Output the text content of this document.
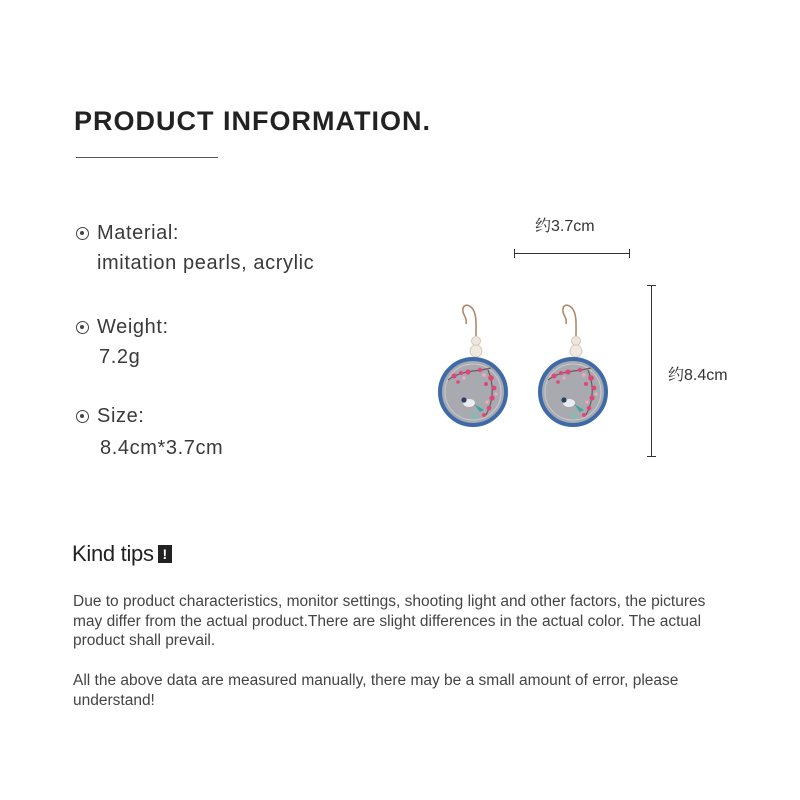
PRODUCT INFORMATION.
Material:
imitation pearls, acrylic
Weight:
7.2g
Size:
8.4cm*3.7cm
约3.7cm
约8.4cm
Kind tips !
Due to product characteristics, monitor settings, shooting light and other factors, the pictures may differ from the actual product.There are slight differences in the actual color. The actual product shall prevail.
All the above data are measured manually, there may be a small amount of error, please understand!
